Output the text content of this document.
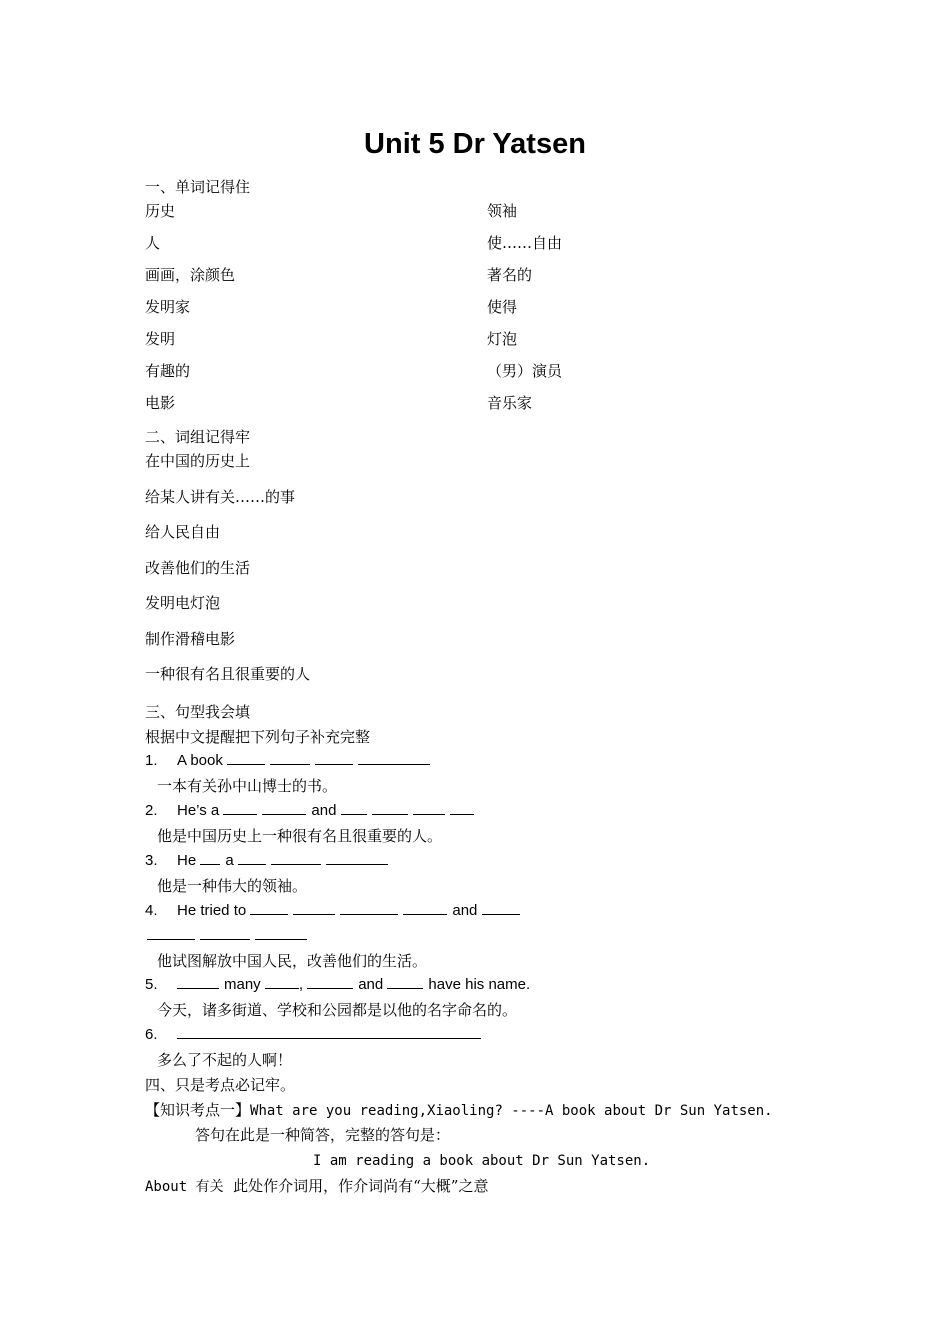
Unit 5 Dr Yatsen
一、单词记得住
历史	领袖
人	使……自由
画画，涂颜色	著名的
发明家	使得
发明	灯泡
有趣的	（男）演员
电影	音乐家
二、词组记得牢
在中国的历史上
给某人讲有关……的事
给人民自由
改善他们的生活
发明电灯泡
制作滑稽电影
一种很有名且很重要的人
三、句型我会填
根据中文提醒把下列句子补充完整
1. A book
一本有关孙中山博士的书。
2. He’s a	and
他是中国历史上一种很有名且很重要的人。
3. He a
他是一种伟大的领袖。
4. He tried to	and
他试图解放中国人民，改善他们的生活。
5.	many	,	and	have his name.
今天，诸多街道、学校和公园都是以他的名字命名的。
6.
多么了不起的人啊！
四、只是考点必记牢。
【知识考点一】What are you reading,Xiaoling? ----A book about Dr Sun Yatsen.
答句在此是一种简答，完整的答句是：
I am reading a book about Dr Sun Yatsen.
About 有关 此处作介词用，作介词尚有“大概”之意
